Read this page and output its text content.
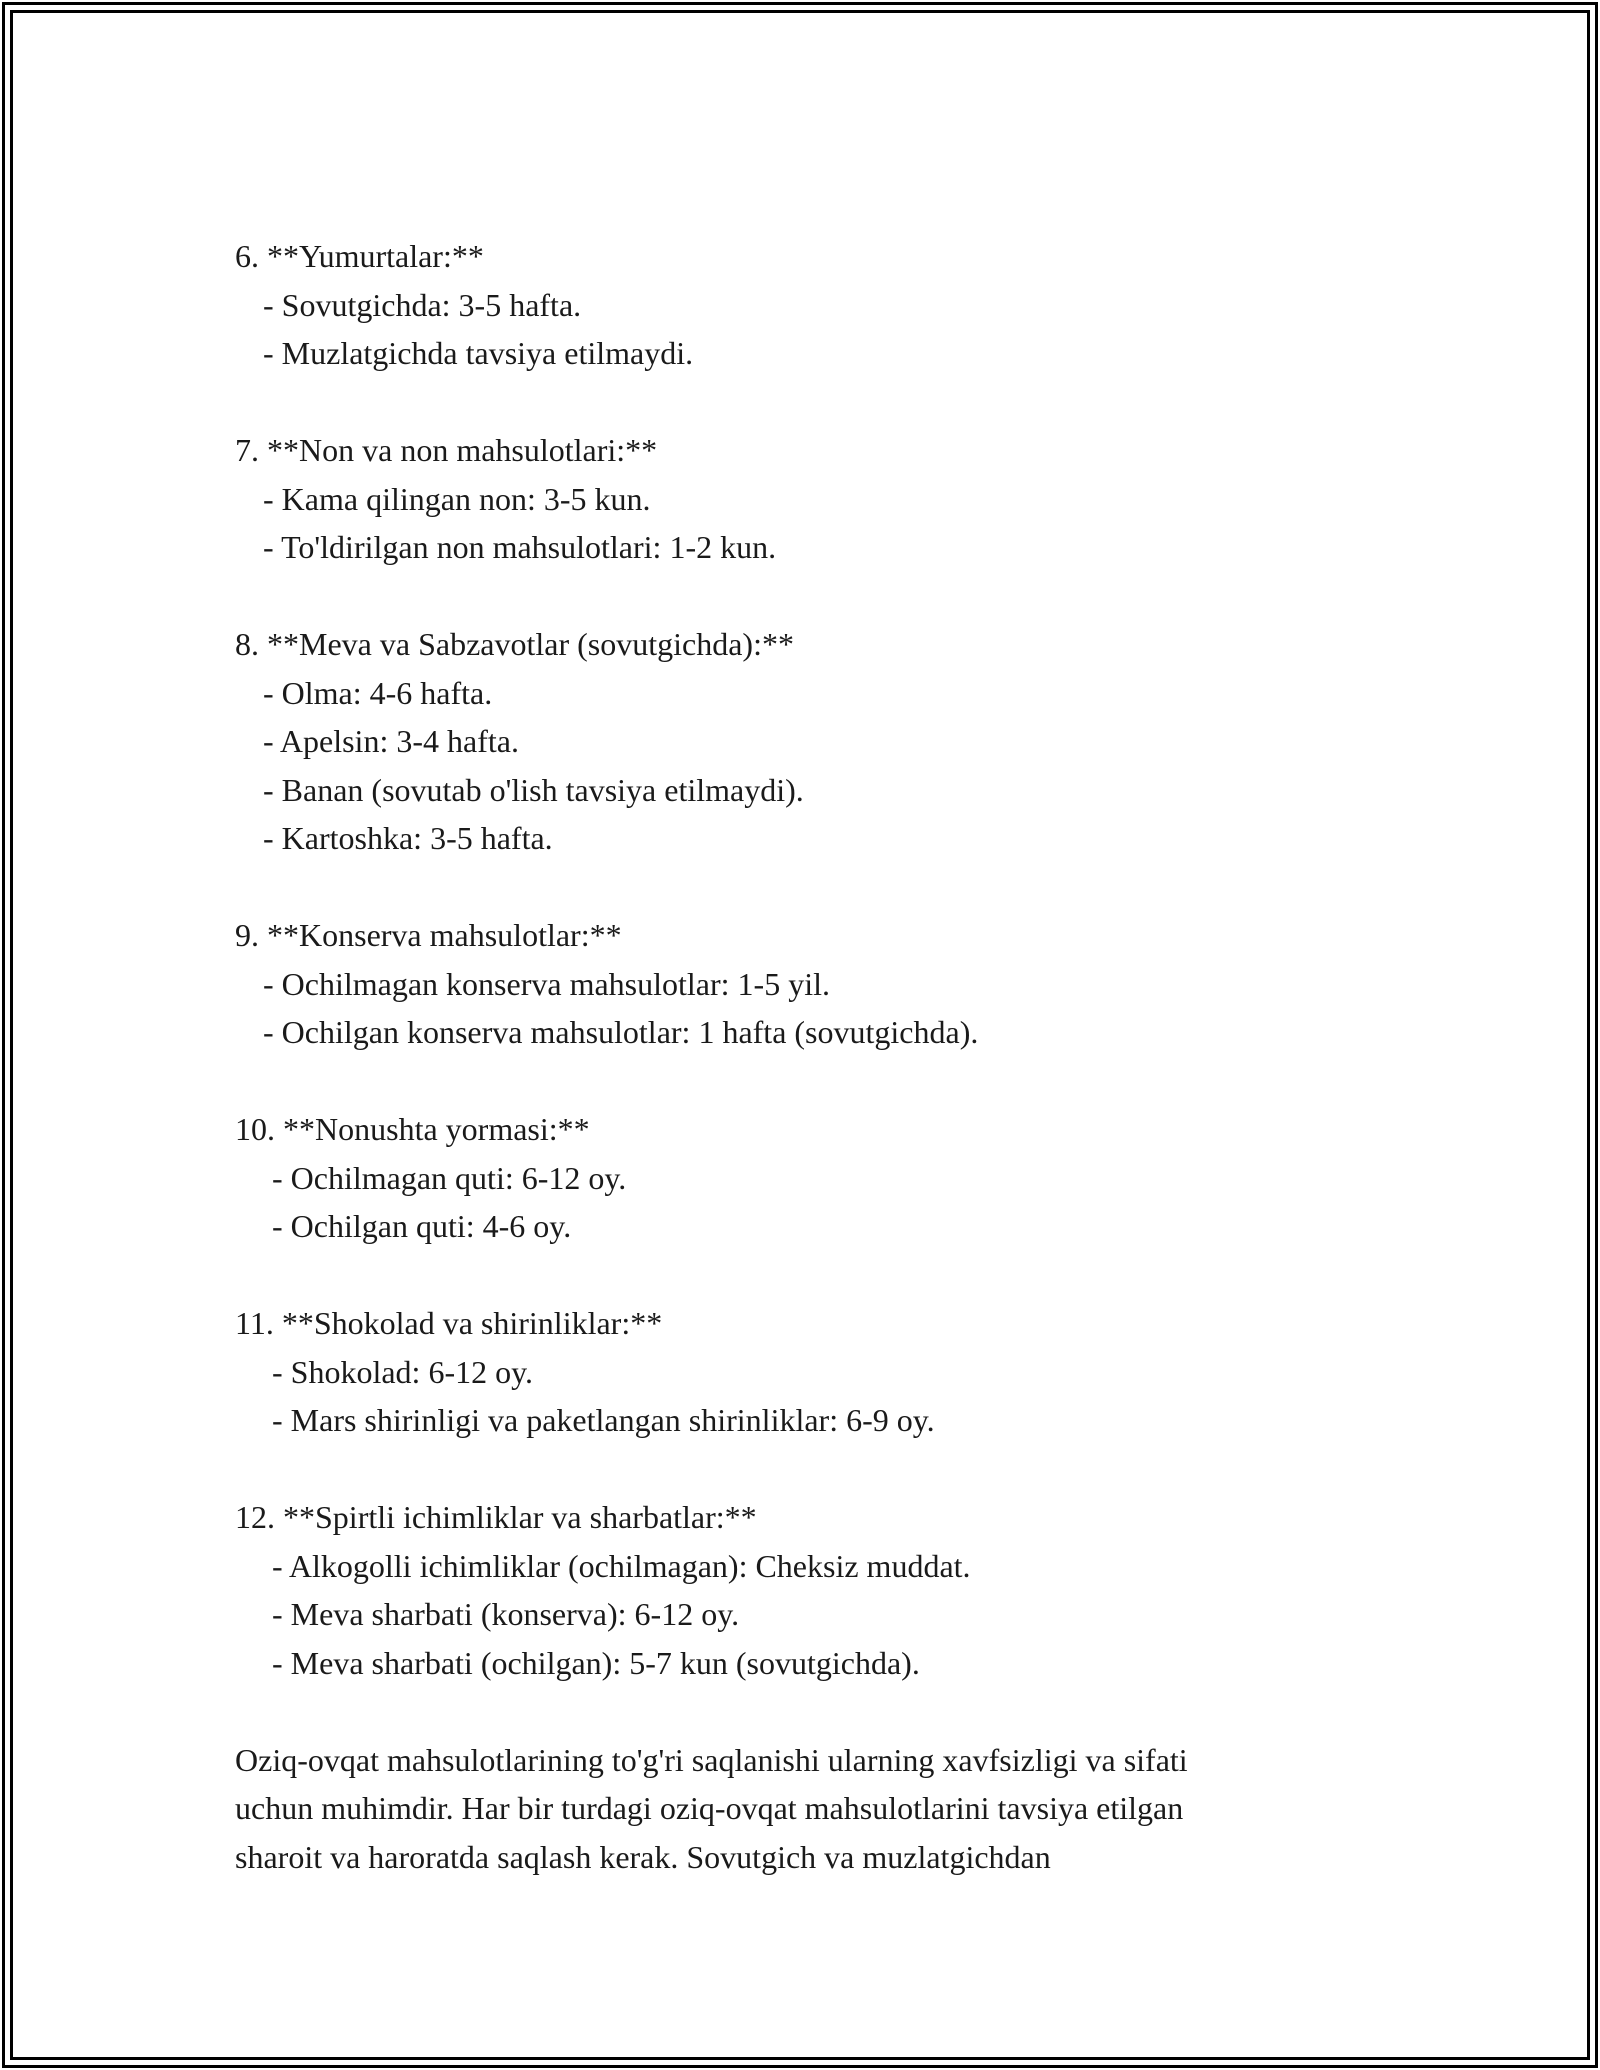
6. **Yumurtalar:**
- Sovutgichda: 3-5 hafta.
- Muzlatgichda tavsiya etilmaydi.
7. **Non va non mahsulotlari:**
- Kama qilingan non: 3-5 kun.
- To'ldirilgan non mahsulotlari: 1-2 kun.
8. **Meva va Sabzavotlar (sovutgichda):**
- Olma: 4-6 hafta.
- Apelsin: 3-4 hafta.
- Banan (sovutab o'lish tavsiya etilmaydi).
- Kartoshka: 3-5 hafta.
9. **Konserva mahsulotlar:**
- Ochilmagan konserva mahsulotlar: 1-5 yil.
- Ochilgan konserva mahsulotlar: 1 hafta (sovutgichda).
10. **Nonushta yormasi:**
- Ochilmagan quti: 6-12 oy.
- Ochilgan quti: 4-6 oy.
11. **Shokolad va shirinliklar:**
- Shokolad: 6-12 oy.
- Mars shirinligi va paketlangan shirinliklar: 6-9 oy.
12. **Spirtli ichimliklar va sharbatlar:**
- Alkogolli ichimliklar (ochilmagan): Cheksiz muddat.
- Meva sharbati (konserva): 6-12 oy.
- Meva sharbati (ochilgan): 5-7 kun (sovutgichda).
Oziq-ovqat mahsulotlarining to'g'ri saqlanishi ularning xavfsizligi va sifati
uchun muhimdir. Har bir turdagi oziq-ovqat mahsulotlarini tavsiya etilgan
sharoit va haroratda saqlash kerak. Sovutgich va muzlatgichdan
